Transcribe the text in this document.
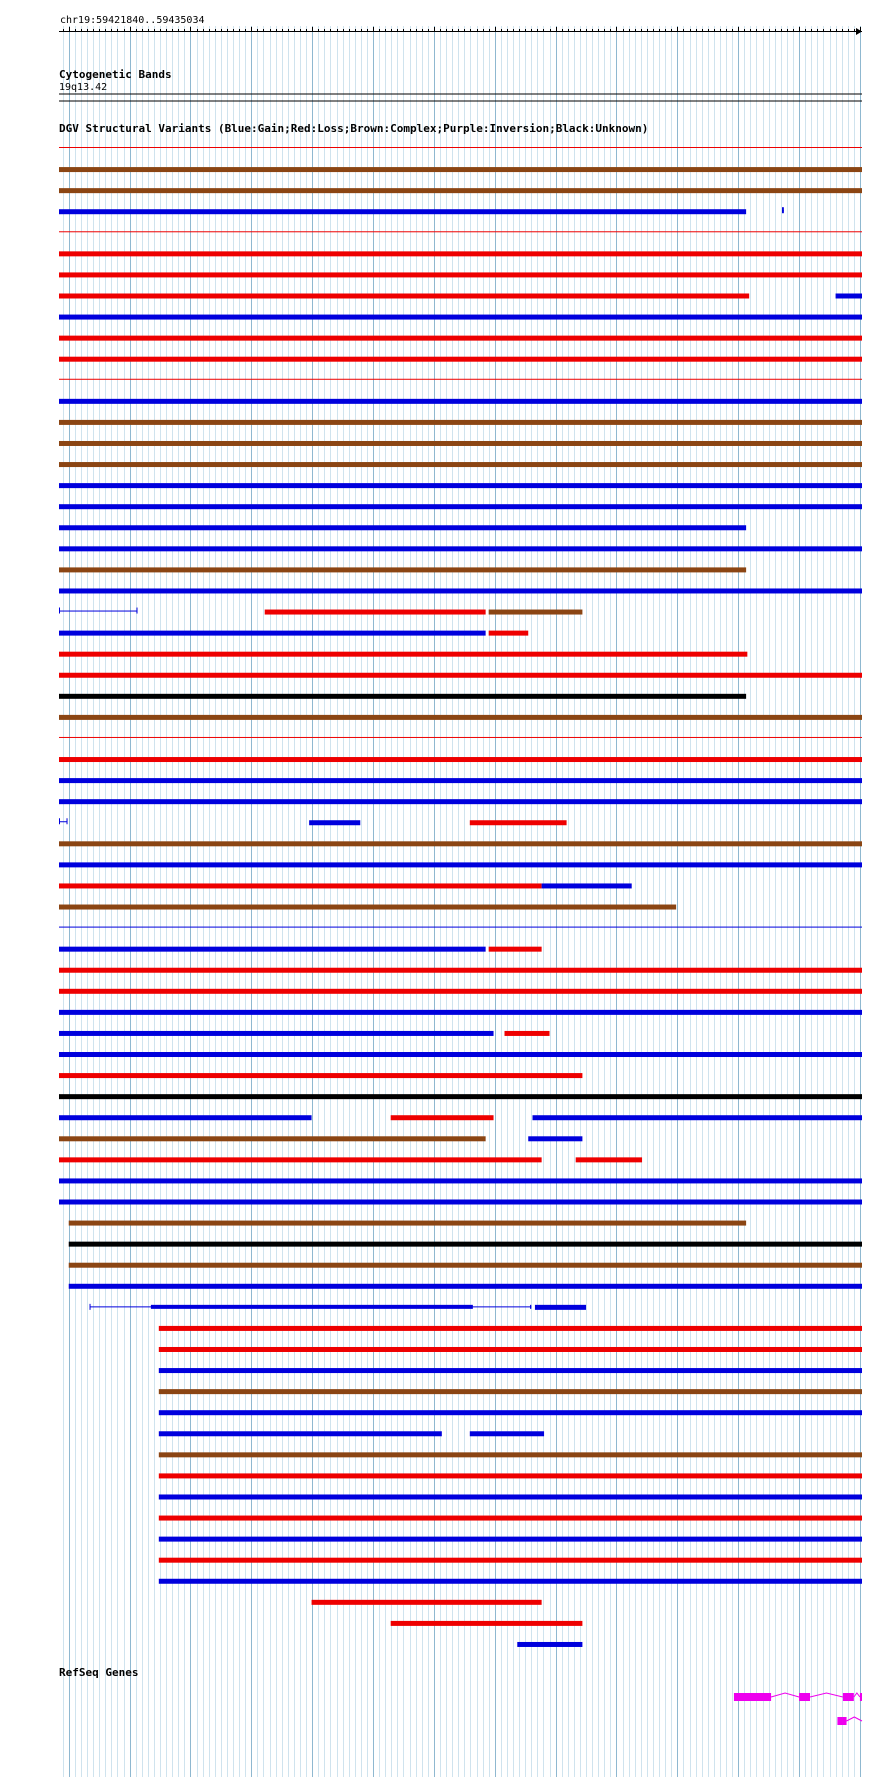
chr19:59421840..59435034
Cytogenetic Bands
19q13.42
DGV Structural Variants (Blue:Gain;Red:Loss;Brown:Complex;Purple:Inversion;Black:Unknown)
RefSeq Genes
